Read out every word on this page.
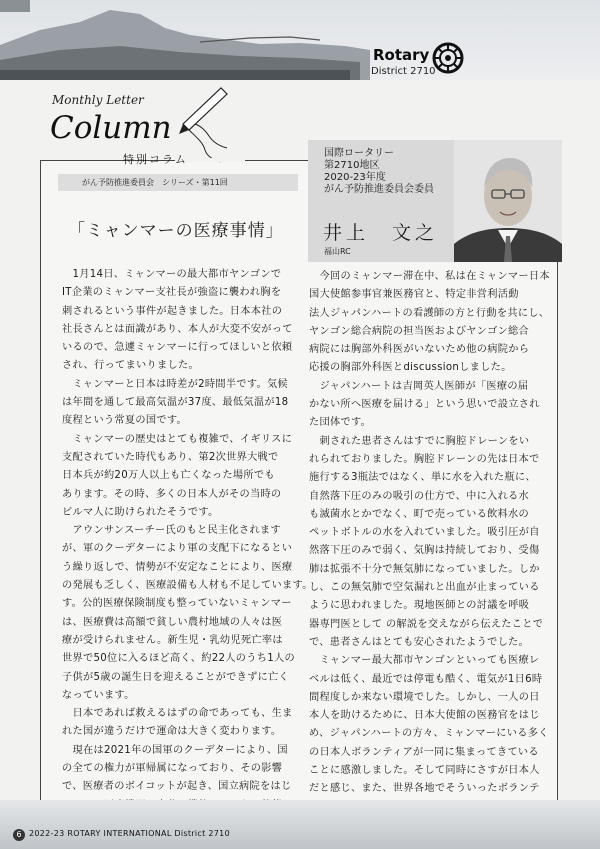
Rotary
District 2710
Monthly Letter
Column
特別コラム
がん予防推進委員会　シリーズ・第11回
「ミャンマーの医療事情」
国際ロータリー
第2710地区
2020-23年度
がん予防推進委員会委員
井上　文之
福山RC
　1月14日、ミャンマーの最大都市ヤンゴンで
IT企業のミャンマー支社長が強盗に襲われ胸を
刺されるという事件が起きました。日本本社の
社長さんとは面識があり、本人が大変不安がって
いるので、急遽ミャンマーに行ってほしいと依頼
され、行ってまいりました。
　ミャンマーと日本は時差が2時間半です。気候
は年間を通して最高気温が37度、最低気温が18
度程という常夏の国です。
　ミャンマーの歴史はとても複雑で、イギリスに
支配されていた時代もあり、第2次世界大戦で
日本兵が約20万人以上も亡くなった場所でも
あります。その時、多くの日本人がその当時の
ビルマ人に助けられたそうです。
　アウンサンスーチー氏のもと民主化されます
が、軍のクーデターにより軍の支配下になるとい
う繰り返しで、情勢が不安定なことにより、医療
の発展も乏しく、医療設備も人材も不足しています。
す。公的医療保険制度も整っていないミャンマー
は、医療費は高額で貧しい農村地域の人々は医
療が受けられません。新生児・乳幼児死亡率は
世界で50位に入るほど高く、約22人のうち1人の
子供が5歳の誕生日を迎えることができずに亡く
なっています。
　日本であれば救えるはずの命であっても、生ま
れた国が違うだけで運命は大きく変わります。
　現在は2021年の国軍のクーデターにより、国
の全ての権力が軍帰属になっており、その影響
で、医療者のボイコットが起き、国立病院をはじ

　今回のミャンマー滞在中、私は在ミャンマー日本
国大使館参事官兼医務官と、特定非営利活動
法人ジャパンハートの看護師の方と行動を共にし、
ヤンゴン総合病院の担当医およびヤンゴン総合
病院には胸部外科医がいないため他の病院から
応援の胸部外科医とdiscussionしました。
　ジャパンハートは吉岡英人医師が「医療の届
かない所へ医療を届ける」という思いで設立され
た団体です。
　刺された患者さんはすでに胸腔ドレーンをい
れられておりました。胸腔ドレーンの先は日本で
施行する3瓶法ではなく、単に水を入れた瓶に、
自然落下圧のみの吸引の仕方で、中に入れる水
も滅菌水とかでなく、町で売っている飲料水の
ペットボトルの水を入れていました。吸引圧が自
然落下圧のみで弱く、気胸は持続しており、受傷
肺は拡張不十分で無気肺になっていました。しか
し、この無気肺で空気漏れと出血が止まっている
ように思われました。現地医師との討議を呼吸
器専門医として の解説を交えながら伝えたことで
で、患者さんはとても安心されたようでした。
　ミャンマー最大都市ヤンゴンといっても医療レ
ベルは低く、最近では停電も酷く、電気が1日6時
間程度しか来ない環境でした。しかし、一人の日
本人を助けるために、日本大使館の医務官をはじ
め、ジャパンハートの方々、ミャンマーにいる多く
の日本人ボランティアが一同に集まってきている
ことに感激しました。そして同時にさすが日本人
だと感じ、また、世界各地でそういったボランテ

6 2022-23 ROTARY INTERNATIONAL District 2710
